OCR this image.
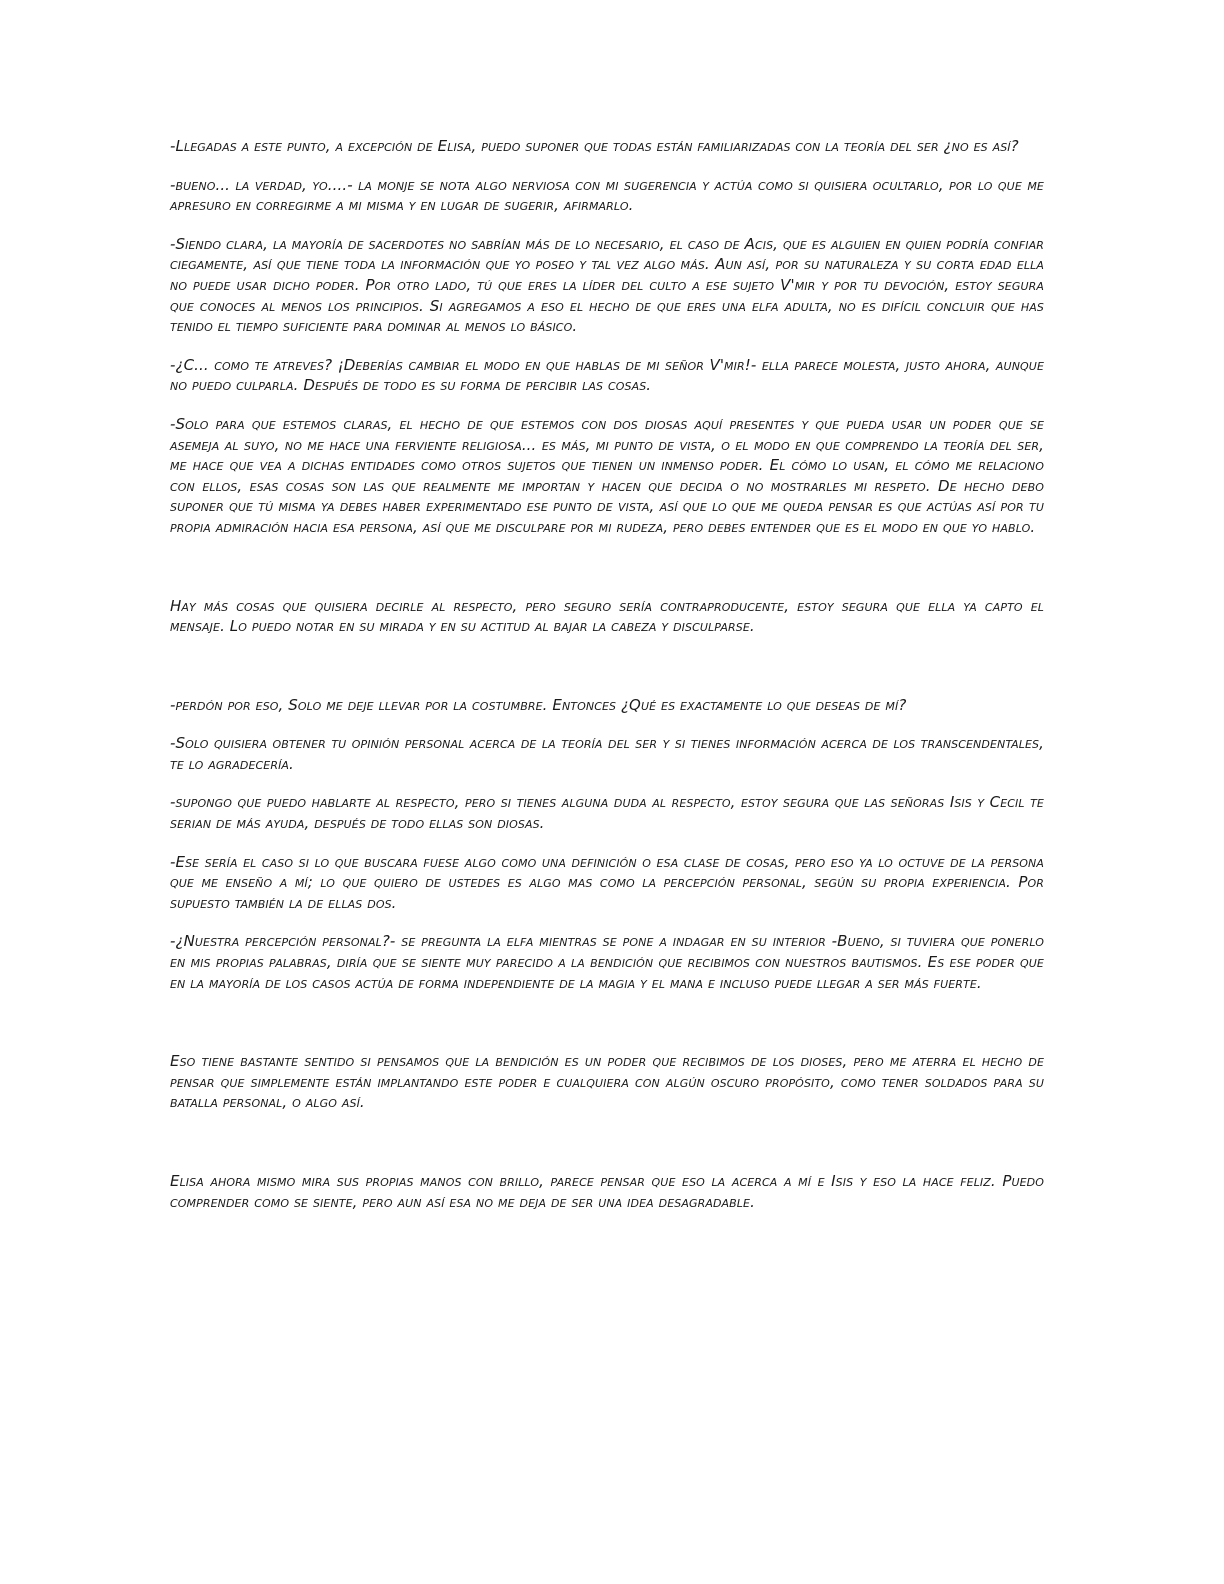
-Llegadas a este punto, a excepción de Elisa, puedo suponer que todas están familiarizadas con la teoría del ser ¿no es así?

-bueno... la verdad, yo....- la monje se nota algo nerviosa con mi sugerencia y actúa como si quisiera ocultarlo, por lo que me apresuro en corregirme a mi misma y en lugar de sugerir, afirmarlo.

-Siendo clara, la mayoría de sacerdotes no sabrían más de lo necesario, el caso de Acis, que es alguien en quien podría confiar ciegamente, así que tiene toda la información que yo poseo y tal vez algo más. Aun así, por su naturaleza y su corta edad ella no puede usar dicho poder. Por otro lado, tú que eres la líder del culto a ese sujeto V'mir y por tu devoción, estoy segura que conoces al menos los principios. Si agregamos a eso el hecho de que eres una elfa adulta, no es difícil concluir que has tenido el tiempo suficiente para dominar al menos lo básico.

-¿C... como te atreves? ¡Deberías cambiar el modo en que hablas de mi señor V'mir!- ella parece molesta, justo ahora, aunque no puedo culparla. Después de todo es su forma de percibir las cosas.

-Solo para que estemos claras, el hecho de que estemos con dos diosas aquí presentes y que pueda usar un poder que se asemeja al suyo, no me hace una ferviente religiosa... es más, mi punto de vista, o el modo en que comprendo la teoría del ser, me hace que vea a dichas entidades como otros sujetos que tienen un inmenso poder. El cómo lo usan, el cómo me relaciono con ellos, esas cosas son las que realmente me importan y hacen que decida o no mostrarles mi respeto. De hecho debo suponer que tú misma ya debes haber experimentado ese punto de vista, así que lo que me queda pensar es que actúas así por tu propia admiración hacia esa persona, así que me disculpare por mi rudeza, pero debes entender que es el modo en que yo hablo.

Hay más cosas que quisiera decirle al respecto, pero seguro sería contraproducente, estoy segura que ella ya capto el mensaje. Lo puedo notar en su mirada y en su actitud al bajar la cabeza y disculparse.

-perdón por eso, Solo me deje llevar por la costumbre. Entonces ¿Qué es exactamente lo que deseas de mí?

-Solo quisiera obtener tu opinión personal acerca de la teoría del ser y si tienes información acerca de los transcendentales, te lo agradecería.

-supongo que puedo hablarte al respecto, pero si tienes alguna duda al respecto, estoy segura que las señoras Isis y Cecil te serian de más ayuda, después de todo ellas son diosas.

-Ese sería el caso si lo que buscara fuese algo como una definición o esa clase de cosas, pero eso ya lo octuve de la persona que me enseño a mí; lo que quiero de ustedes es algo mas como la percepción personal, según su propia experiencia. Por supuesto también la de ellas dos.

-¿Nuestra percepción personal?- se pregunta la elfa mientras se pone a indagar en su interior -Bueno, si tuviera que ponerlo en mis propias palabras, diría que se siente muy parecido a la bendición que recibimos con nuestros bautismos. Es ese poder que en la mayoría de los casos actúa de forma independiente de la magia y el mana e incluso puede llegar a ser más fuerte.

Eso tiene bastante sentido si pensamos que la bendición es un poder que recibimos de los dioses, pero me aterra el hecho de pensar que simplemente están implantando este poder e cualquiera con algún oscuro propósito, como tener soldados para su batalla personal, o algo así.

Elisa ahora mismo mira sus propias manos con brillo, parece pensar que eso la acerca a mí e Isis y eso la hace feliz. Puedo comprender como se siente, pero aun así esa no me deja de ser una idea desagradable.
